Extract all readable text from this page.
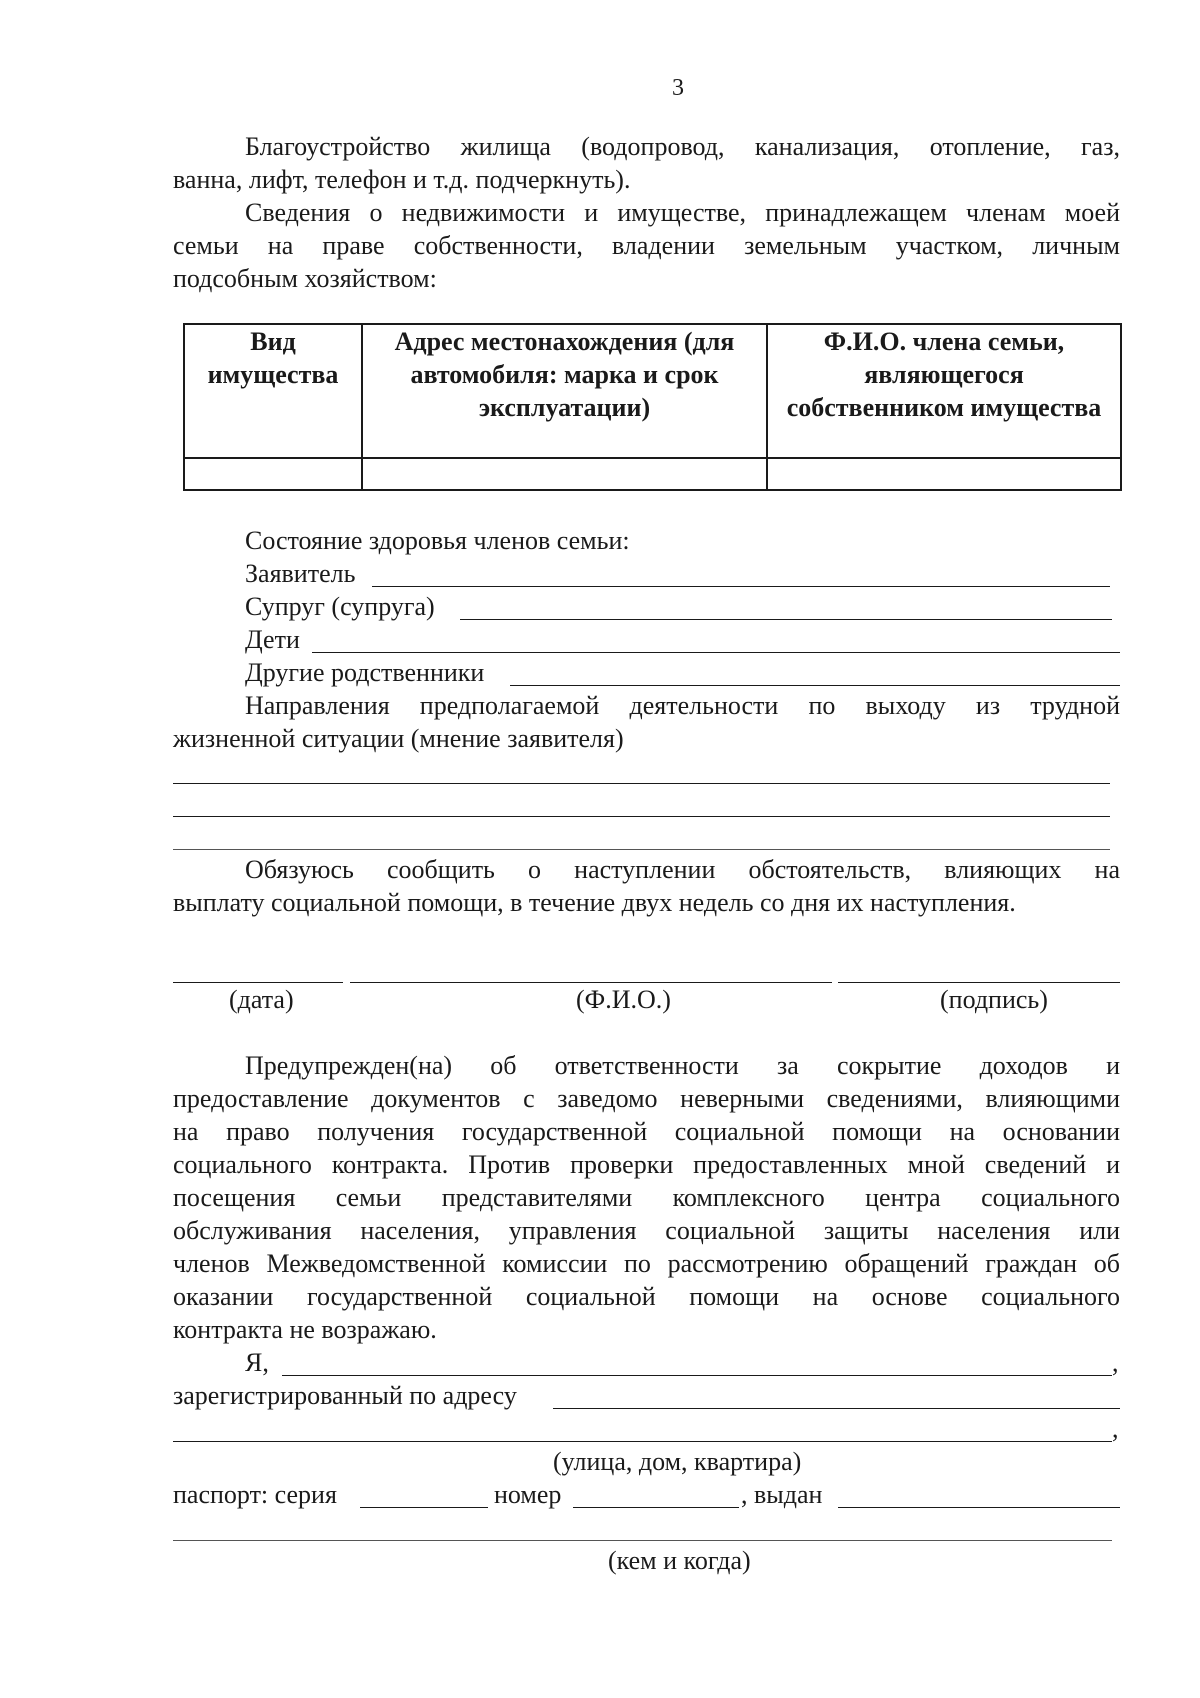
3
Благоустройство жилища (водопровод, канализация, отопление, газ,
ванна, лифт, телефон и т.д. подчеркнуть).
Сведения о недвижимости и имуществе, принадлежащем членам моей
семьи на праве собственности, владении земельным участком, личным
подсобным хозяйством:
Вид имущества	Адрес местонахождения (для автомобиля: марка и срок эксплуатации)	Ф.И.О. члена семьи, являющегося собственником имущества

Состояние здоровья членов семьи:
Заявитель
Супруг (супруга)
Дети
Другие родственники
Направления предполагаемой деятельности по выходу из трудной
жизненной ситуации (мнение заявителя)
Обязуюсь сообщить о наступлении обстоятельств, влияющих на
выплату социальной помощи, в течение двух недель со дня их наступления.
(дата)	(Ф.И.О.)	(подпись)
Предупрежден(на) об ответственности за сокрытие доходов и
предоставление документов с заведомо неверными сведениями, влияющими
на право получения государственной социальной помощи на основании
социального контракта. Против проверки предоставленных мной сведений и
посещения семьи представителями комплексного центра социального
обслуживания населения, управления социальной защиты населения или
членов Межведомственной комиссии по рассмотрению обращений граждан об
оказании государственной социальной помощи на основе социального
контракта не возражаю.
Я,	,
зарегистрированный по адресу
,
(улица, дом, квартира)
паспорт: серия	номер	, выдан
(кем и когда)
